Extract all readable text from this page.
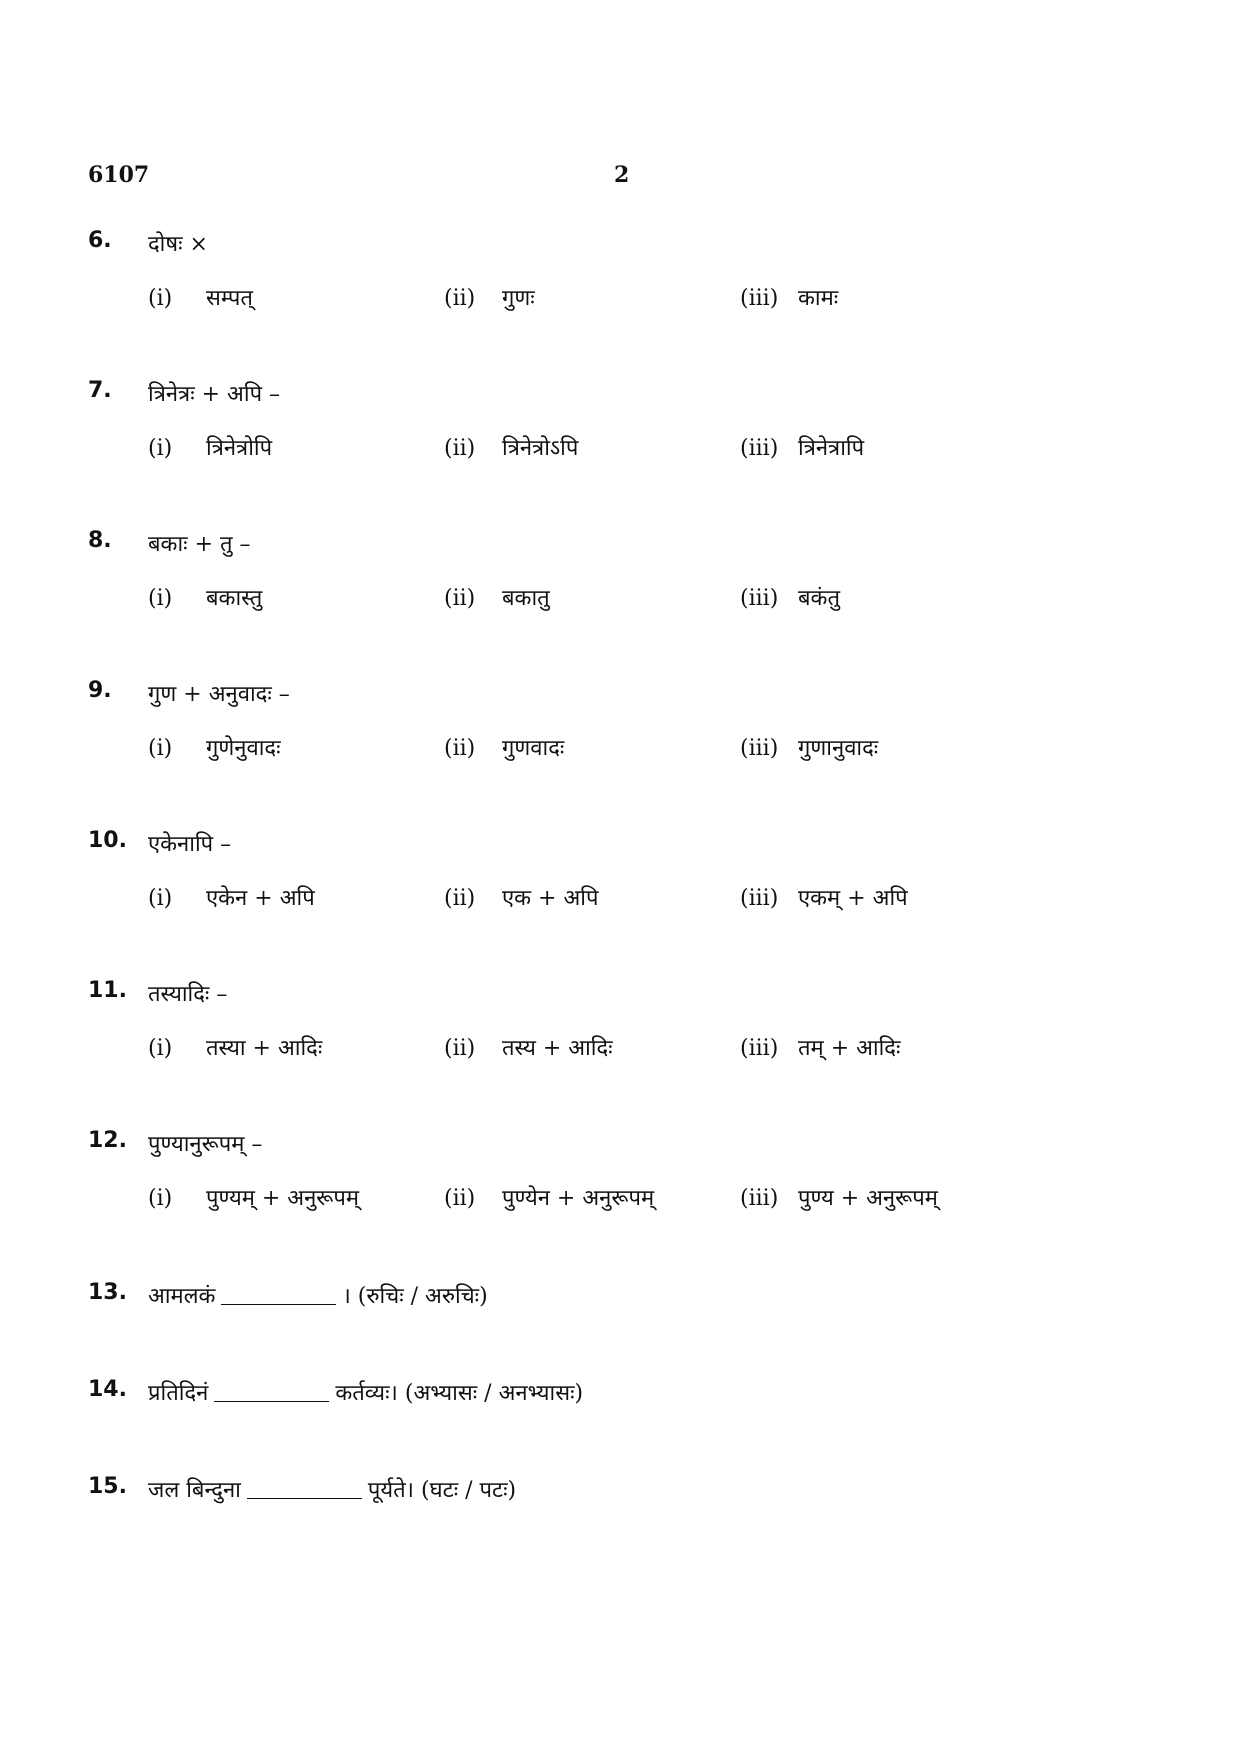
6107	2
6. दोषः ×
(i) सम्पत्	(ii) गुणः	(iii) कामः
7. त्रिनेत्रः + अपि –
(i) त्रिनेत्रोपि	(ii) त्रिनेत्रोऽपि	(iii) त्रिनेत्रापि
8. बकाः + तु –
(i) बकास्तु	(ii) बकातु	(iii) बकंतु
9. गुण + अनुवादः –
(i) गुणेनुवादः	(ii) गुणवादः	(iii) गुणानुवादः
10. एकेनापि –
(i) एकेन + अपि	(ii) एक + अपि	(iii) एकम् + अपि
11. तस्यादिः –
(i) तस्या + आदिः	(ii) तस्य + आदिः	(iii) तम् + आदिः
12. पुण्यानुरूपम् –
(i) पुण्यम् + अनुरूपम्	(ii) पुण्येन + अनुरूपम्	(iii) पुण्य + अनुरूपम्
13. आमलकं	। (रुचिः / अरुचिः)
14. प्रतिदिनं	कर्तव्यः। (अभ्यासः / अनभ्यासः)
15. जल बिन्दुना	पूर्यते। (घटः / पटः)
